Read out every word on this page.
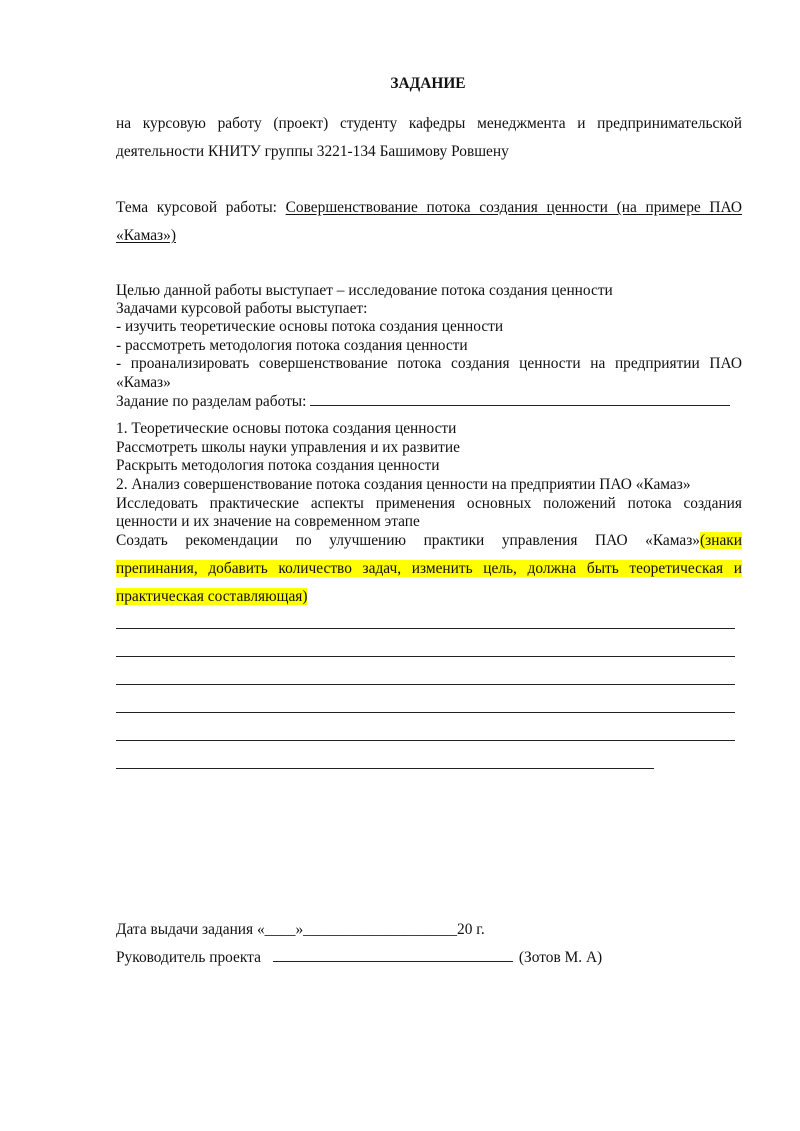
ЗАДАНИЕ
на курсовую работу (проект) студенту кафедры менеджмента и предпринимательской
деятельности КНИТУ группы 3221-134 Башимову Ровшену
Тема курсовой работы: Совершенствование потока создания ценности (на примере ПАО
«Камаз»)
Целью данной работы выступает – исследование потока создания ценности
Задачами курсовой работы выступает:
- изучить теоретические основы потока создания ценности
- рассмотреть методология потока создания ценности
- проанализировать совершенствование потока создания ценности на предприятии ПАО
«Камаз»
Задание по разделам работы:
1. Теоретические основы потока создания ценности
Рассмотреть школы науки управления и их развитие
Раскрыть методология потока создания ценности
2. Анализ совершенствование потока создания ценности на предприятии ПАО «Камаз»
Исследовать практические аспекты применения основных положений потока создания
ценности и их значение на современном этапе
Создать рекомендации по улучшению практики управления ПАО «Камаз»(знаки
препинания, добавить количество задач, изменить цель, должна быть теоретическая и
практическая составляющая)
Дата выдачи задания «____»____________________20 г.
Руководитель проекта	(Зотов М. А)
